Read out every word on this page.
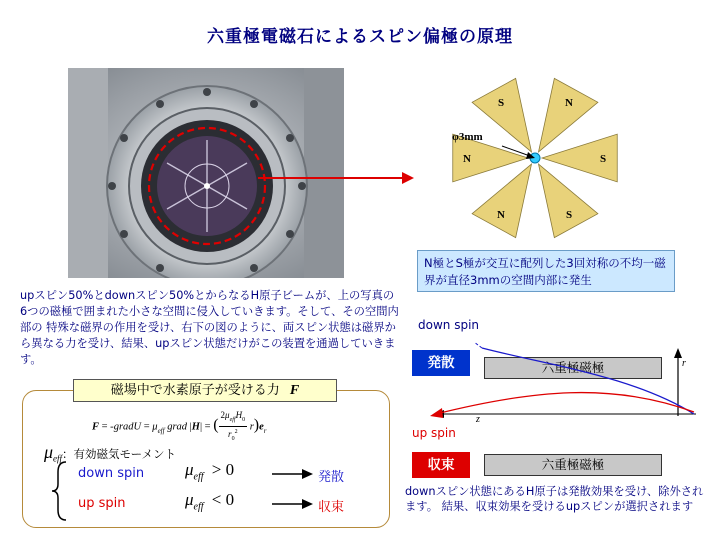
六重極電磁石によるスピン偏極の原理
S	N
S
S
N
N
φ3mm
N極とS極が交互に配列した3回対称の不均一磁界が直径3mmの空間内部に発生
upスピン50%とdownスピン50%とからなるH原子ビームが、上の写真の6つの磁極で囲まれた小さな空間に侵入していきます。そして、その空間内部の 特殊な磁界の作用を受け、右下の図のように、両スピン状態は磁界から異なる力を受け、結果、upスピン状態だけがこの装置を通過していきます。
磁場中で水素原子が受ける力 F
F = -gradU = $\mu_{eff}$ grad |H| = (
$2\mu_{eff}H_0$
$r_0^2$	$r)e_r$
$\mu_{eff}$：有効磁気モーメント
down spin $\mu_{eff} > 0$	発散
up spin	$\mu_{eff} < 0$	収束
down spin
発散	六重極磁極	r
z
up spin
収束	六重極磁極
downスピン状態にあるH原子は発散効果を受け、除外されます。 結果、収束効果を受けるupスピンが選択されます
